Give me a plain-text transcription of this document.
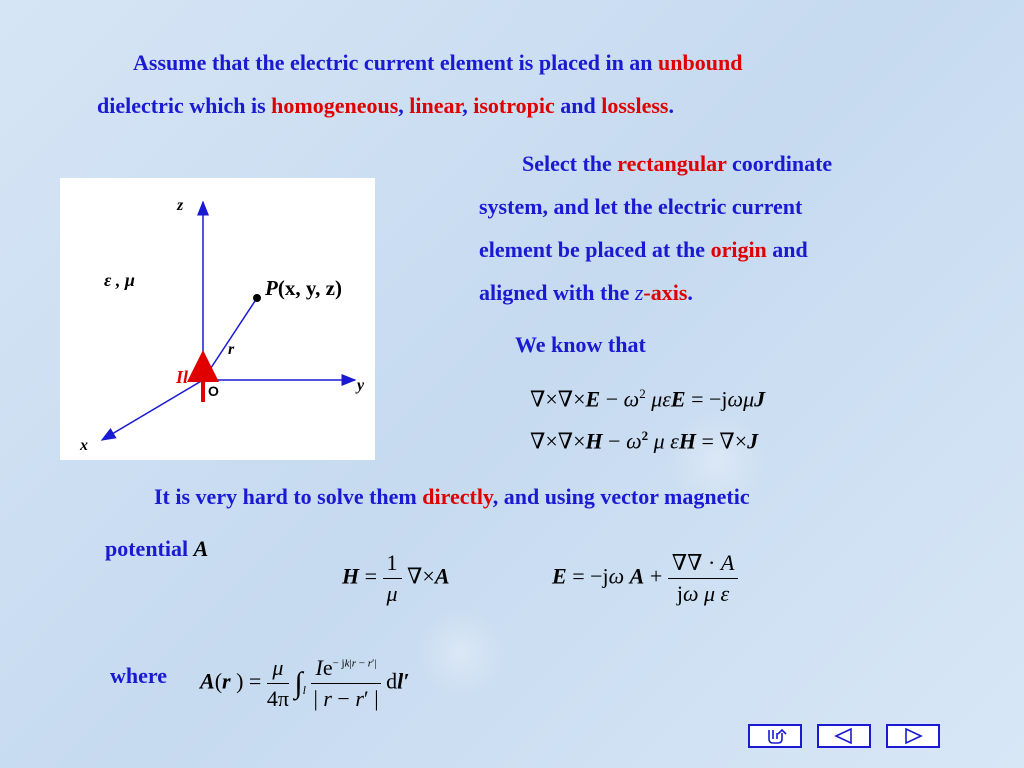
Assume that the electric current element is placed in an unbound
dielectric which is homogeneous, linear, isotropic and lossless.
Select the rectangular coordinate
system, and let the electric current
element be placed at the origin and
aligned with the z-axis.
We know that
$\nabla\times\nabla\times E - \omega^2$ μεE = −jωμJ
$\nabla\times\nabla\times H - \omega^2$ μ εH = ∇×J
It is very hard to solve them directly, and using vector magnetic
potential A
$H = \frac{1}{\mu} \nabla\times A$	E = −jω $A + \frac{\nabla\nabla \cdot A}{\text{jω μ ε}}$
where A(r ) = $\frac{\mu}{4\pi} \int_l \frac{Ie^{- jk|r - r'|}}{| r - r' |} dl'$
z
y
x
ε , μ	P(x, y, z)
r
Il
O
